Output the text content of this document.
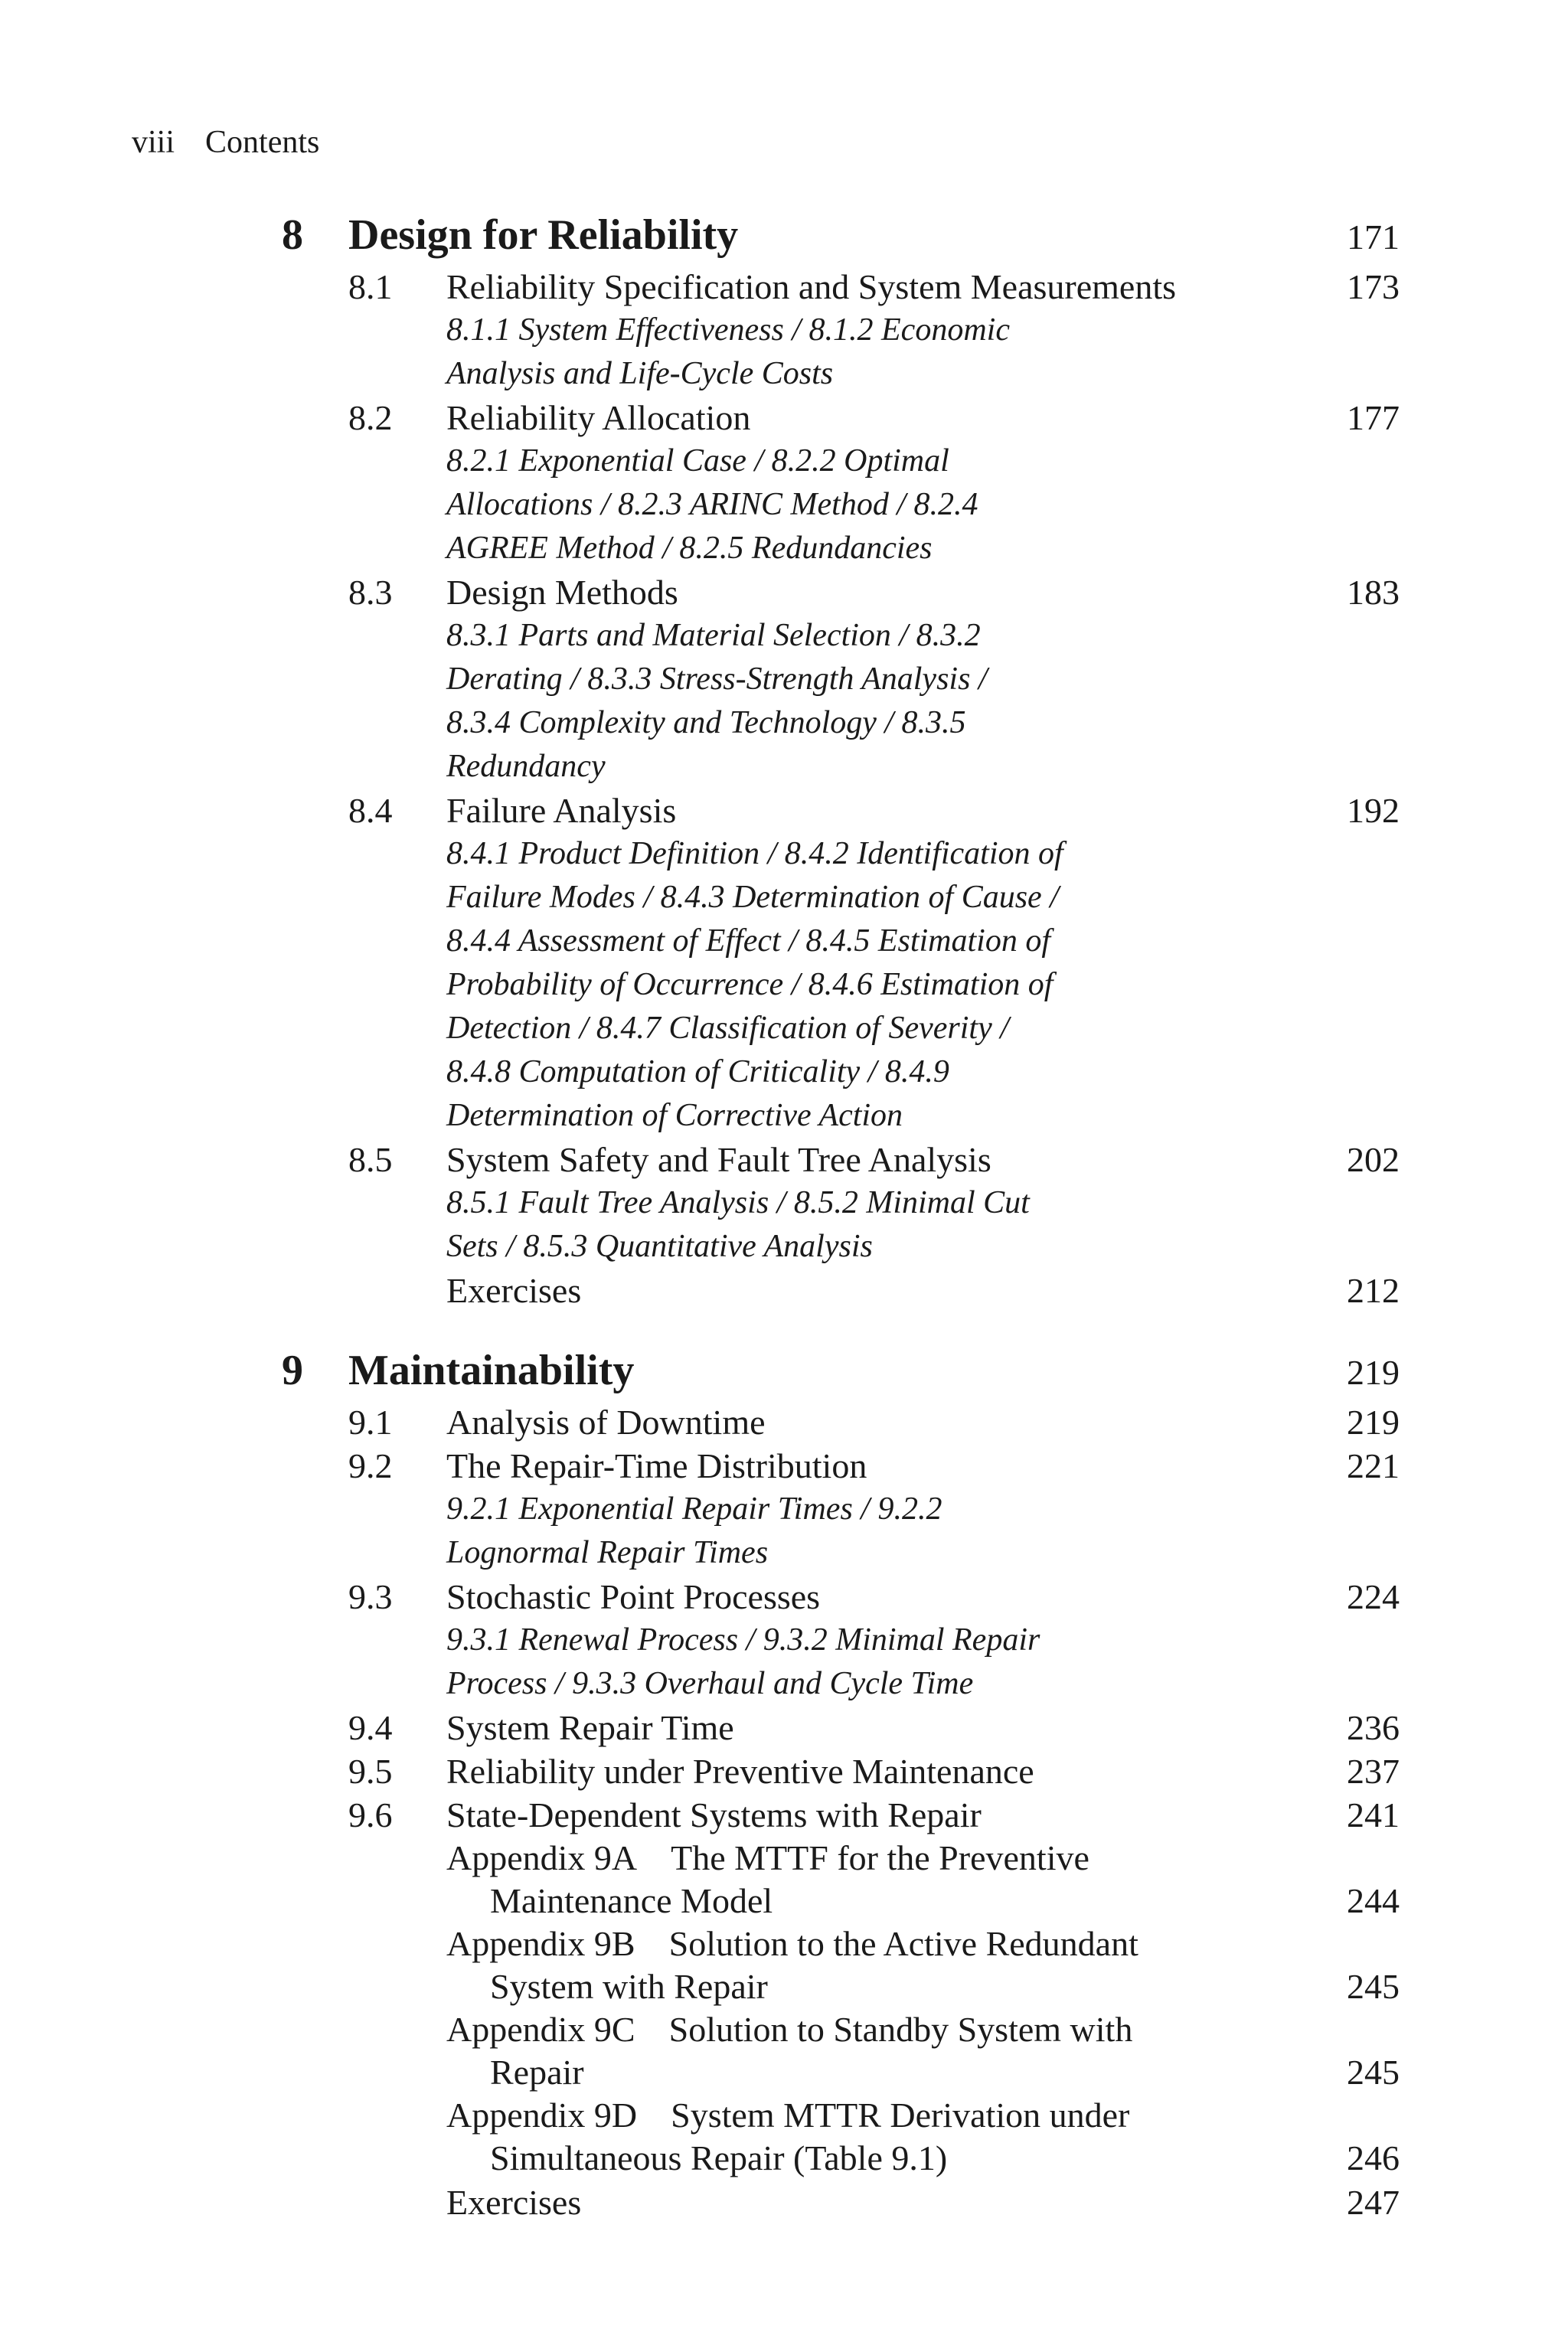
viii Contents
8 Design for Reliability	171
8.1 Reliability Specification and System Measurements	173
8.1.1 System Effectiveness / 8.1.2 Economic
Analysis and Life-Cycle Costs
8.2 Reliability Allocation	177
8.2.1 Exponential Case / 8.2.2 Optimal
Allocations / 8.2.3 ARINC Method / 8.2.4
AGREE Method / 8.2.5 Redundancies
8.3 Design Methods	183
8.3.1 Parts and Material Selection / 8.3.2
Derating / 8.3.3 Stress-Strength Analysis /
8.3.4 Complexity and Technology / 8.3.5
Redundancy
8.4 Failure Analysis	192
8.4.1 Product Definition / 8.4.2 Identification of
Failure Modes / 8.4.3 Determination of Cause /
8.4.4 Assessment of Effect / 8.4.5 Estimation of
Probability of Occurrence / 8.4.6 Estimation of
Detection / 8.4.7 Classification of Severity /
8.4.8 Computation of Criticality / 8.4.9
Determination of Corrective Action
8.5 System Safety and Fault Tree Analysis	202
8.5.1 Fault Tree Analysis / 8.5.2 Minimal Cut
Sets / 8.5.3 Quantitative Analysis
Exercises	212
9 Maintainability	219
9.1 Analysis of Downtime	219
9.2 The Repair-Time Distribution	221
9.2.1 Exponential Repair Times / 9.2.2
Lognormal Repair Times
9.3 Stochastic Point Processes	224
9.3.1 Renewal Process / 9.3.2 Minimal Repair
Process / 9.3.3 Overhaul and Cycle Time
9.4 System Repair Time	236
9.5 Reliability under Preventive Maintenance	237
9.6 State-Dependent Systems with Repair	241
Appendix 9A The MTTF for the Preventive
Maintenance Model	244
Appendix 9B Solution to the Active Redundant
System with Repair	245
Appendix 9C Solution to Standby System with
Repair	245
Appendix 9D System MTTR Derivation under
Simultaneous Repair (Table 9.1)	246
Exercises	247
